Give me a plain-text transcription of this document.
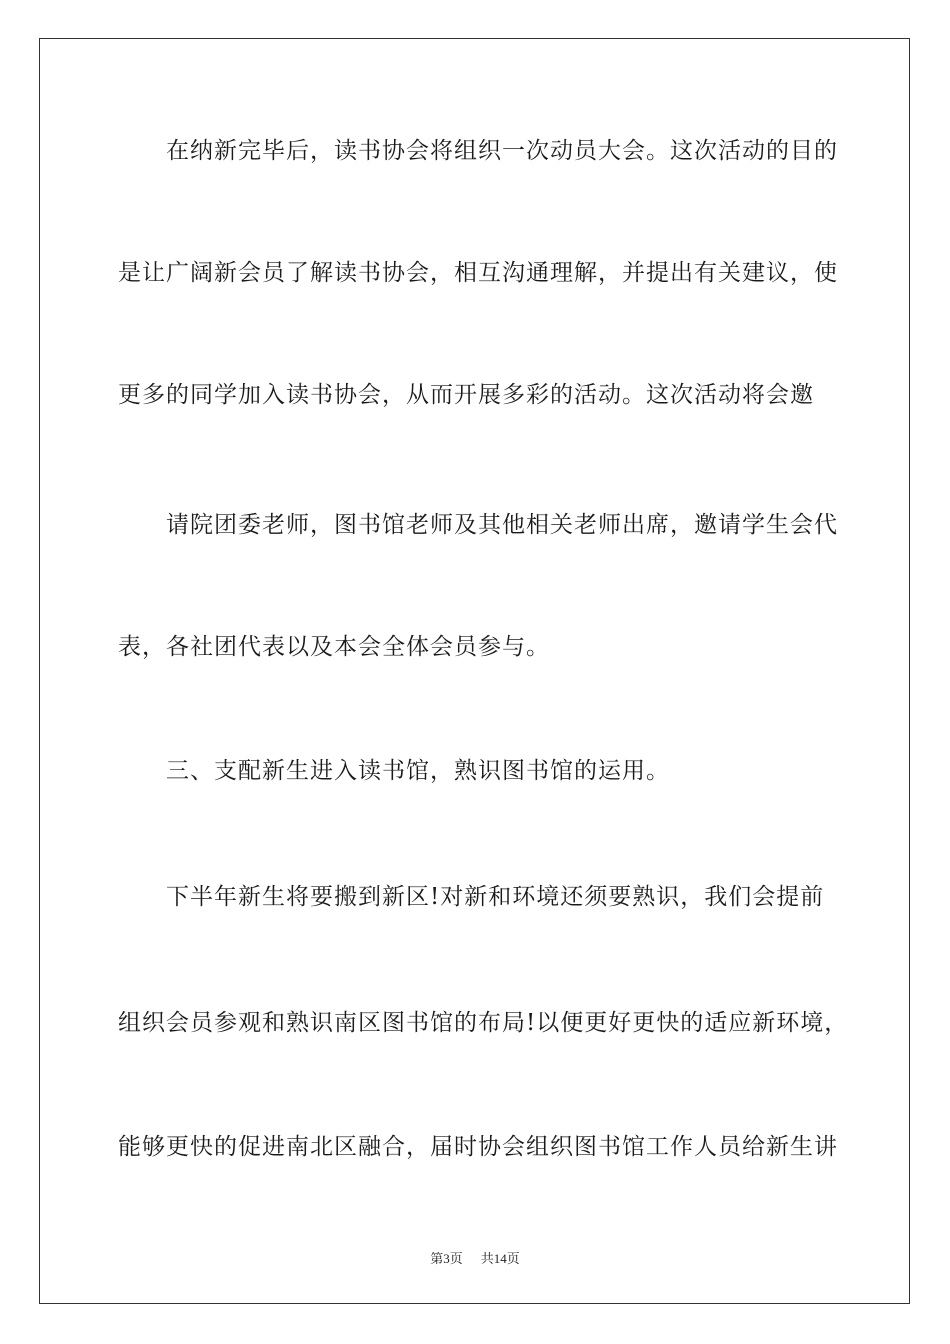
在纳新完毕后，读书协会将组织一次动员大会。这次活动的目的
是让广阔新会员了解读书协会，相互沟通理解，并提出有关建议，使
更多的同学加入读书协会，从而开展多彩的活动。这次活动将会邀
请院团委老师，图书馆老师及其他相关老师出席，邀请学生会代
表，各社团代表以及本会全体会员参与。
三、支配新生进入读书馆，熟识图书馆的运用。
下半年新生将要搬到新区!对新和环境还须要熟识，我们会提前
组织会员参观和熟识南区图书馆的布局!以便更好更快的适应新环境，
能够更快的促进南北区融合，届时协会组织图书馆工作人员给新生讲
第3页 共14页
